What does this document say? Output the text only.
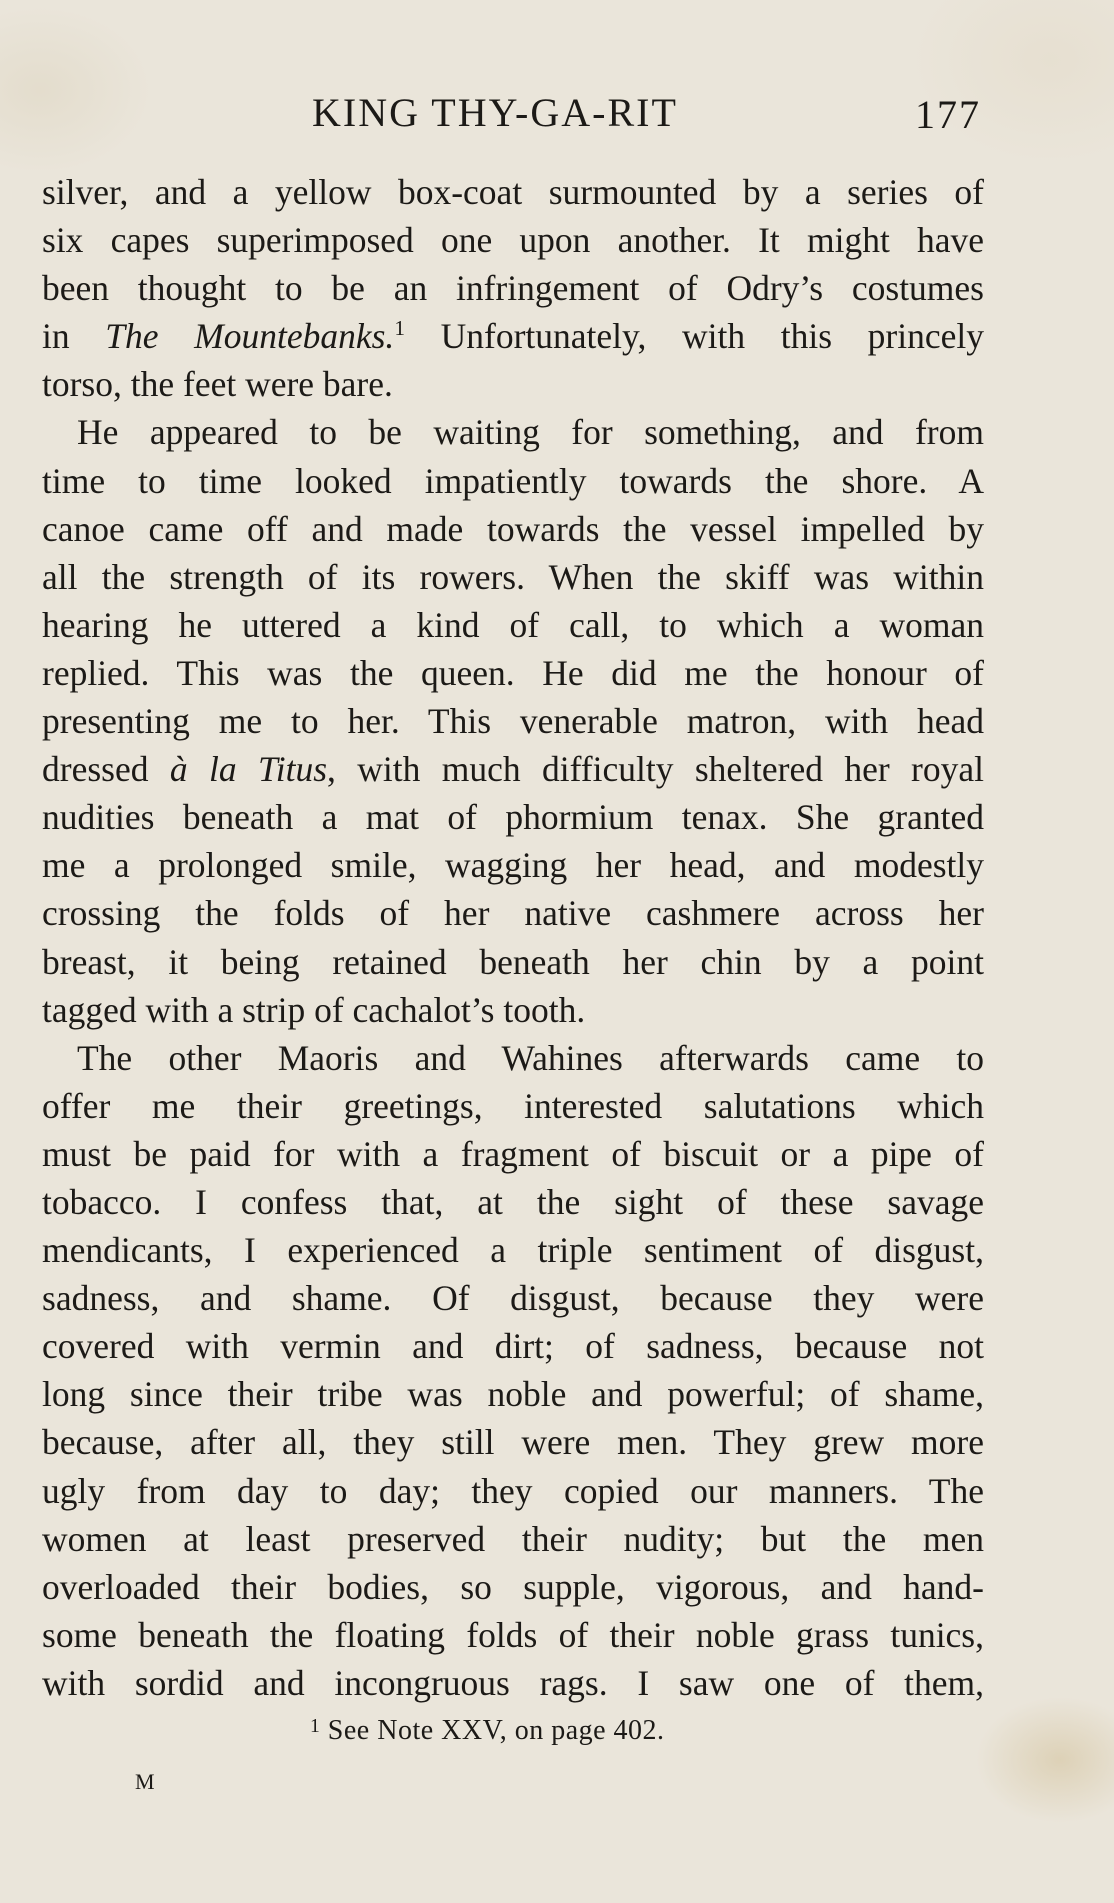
KING THY-GA-RIT	177
silver, and a yellow box-coat surmounted by a series of
six capes superimposed one upon another. It might have
been thought to be an infringement of Odry’s costumes
in The Mountebanks.$^1$ Unfortunately, with this princely
torso, the feet were bare.
He appeared to be waiting for something, and from
time to time looked impatiently towards the shore. A
canoe came off and made towards the vessel impelled by
all the strength of its rowers. When the skiff was within
hearing he uttered a kind of call, to which a woman
replied. This was the queen. He did me the honour of
presenting me to her. This venerable matron, with head
dressed à la Titus, with much difficulty sheltered her royal
nudities beneath a mat of phormium tenax. She granted
me a prolonged smile, wagging her head, and modestly
crossing the folds of her native cashmere across her
breast, it being retained beneath her chin by a point
tagged with a strip of cachalot’s tooth.
The other Maoris and Wahines afterwards came to
offer me their greetings, interested salutations which
must be paid for with a fragment of biscuit or a pipe of
tobacco. I confess that, at the sight of these savage
mendicants, I experienced a triple sentiment of disgust,
sadness, and shame. Of disgust, because they were
covered with vermin and dirt; of sadness, because not
long since their tribe was noble and powerful; of shame,
because, after all, they still were men. They grew more
ugly from day to day; they copied our manners. The
women at least preserved their nudity; but the men
overloaded their bodies, so supple, vigorous, and hand-
some beneath the floating folds of their noble grass tunics,
with sordid and incongruous rags. I saw one of them,
$^1$ See Note XXV, on page 402.
M
